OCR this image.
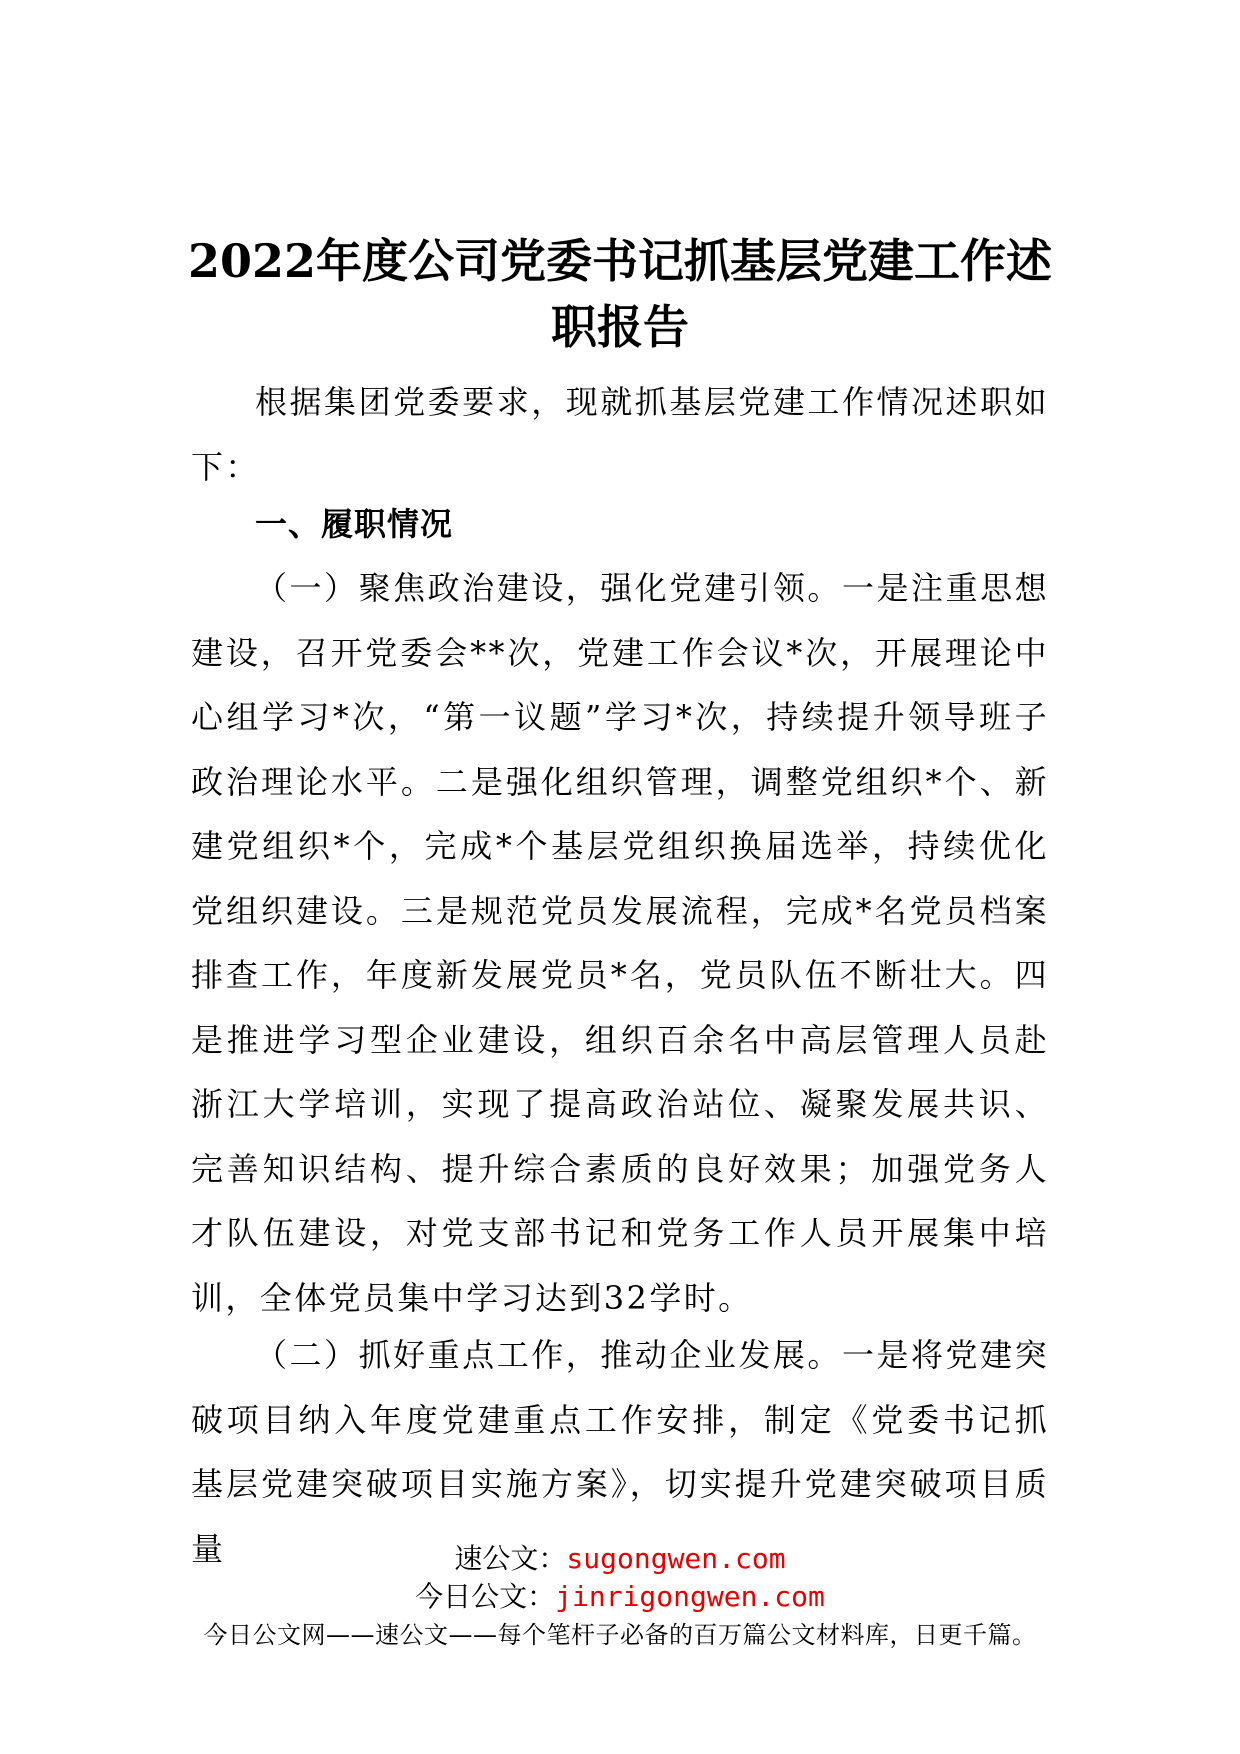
2022年度公司党委书记抓基层党建工作述
职报告
根据集团党委要求，现就抓基层党建工作情况述职如下：
一、履职情况
（一）聚焦政治建设，强化党建引领。一是注重思想建设，召开党委会**次，党建工作会议*次，开展理论中心组学习*次，“第一议题”学习*次，持续提升领导班子政治理论水平。二是强化组织管理，调整党组织*个、新建党组织*个，完成*个基层党组织换届选举，持续优化党组织建设。三是规范党员发展流程，完成*名党员档案排查工作，年度新发展党员*名，党员队伍不断壮大。四是推进学习型企业建设，组织百余名中高层管理人员赴浙江大学培训，实现了提高政治站位、凝聚发展共识、完善知识结构、提升综合素质的良好效果；加强党务人才队伍建设，对党支部书记和党务工作人员开展集中培训，全体党员集中学习达到32学时。
（二）抓好重点工作，推动企业发展。一是将党建突破项目纳入年度党建重点工作安排，制定《党委书记抓基层党建突破项目实施方案》，切实提升党建突破项目质量	速公文：sugongwen.com
今日公文：jinrigongwen.com
今日公文网——速公文——每个笔杆子必备的百万篇公文材料库，日更千篇。
